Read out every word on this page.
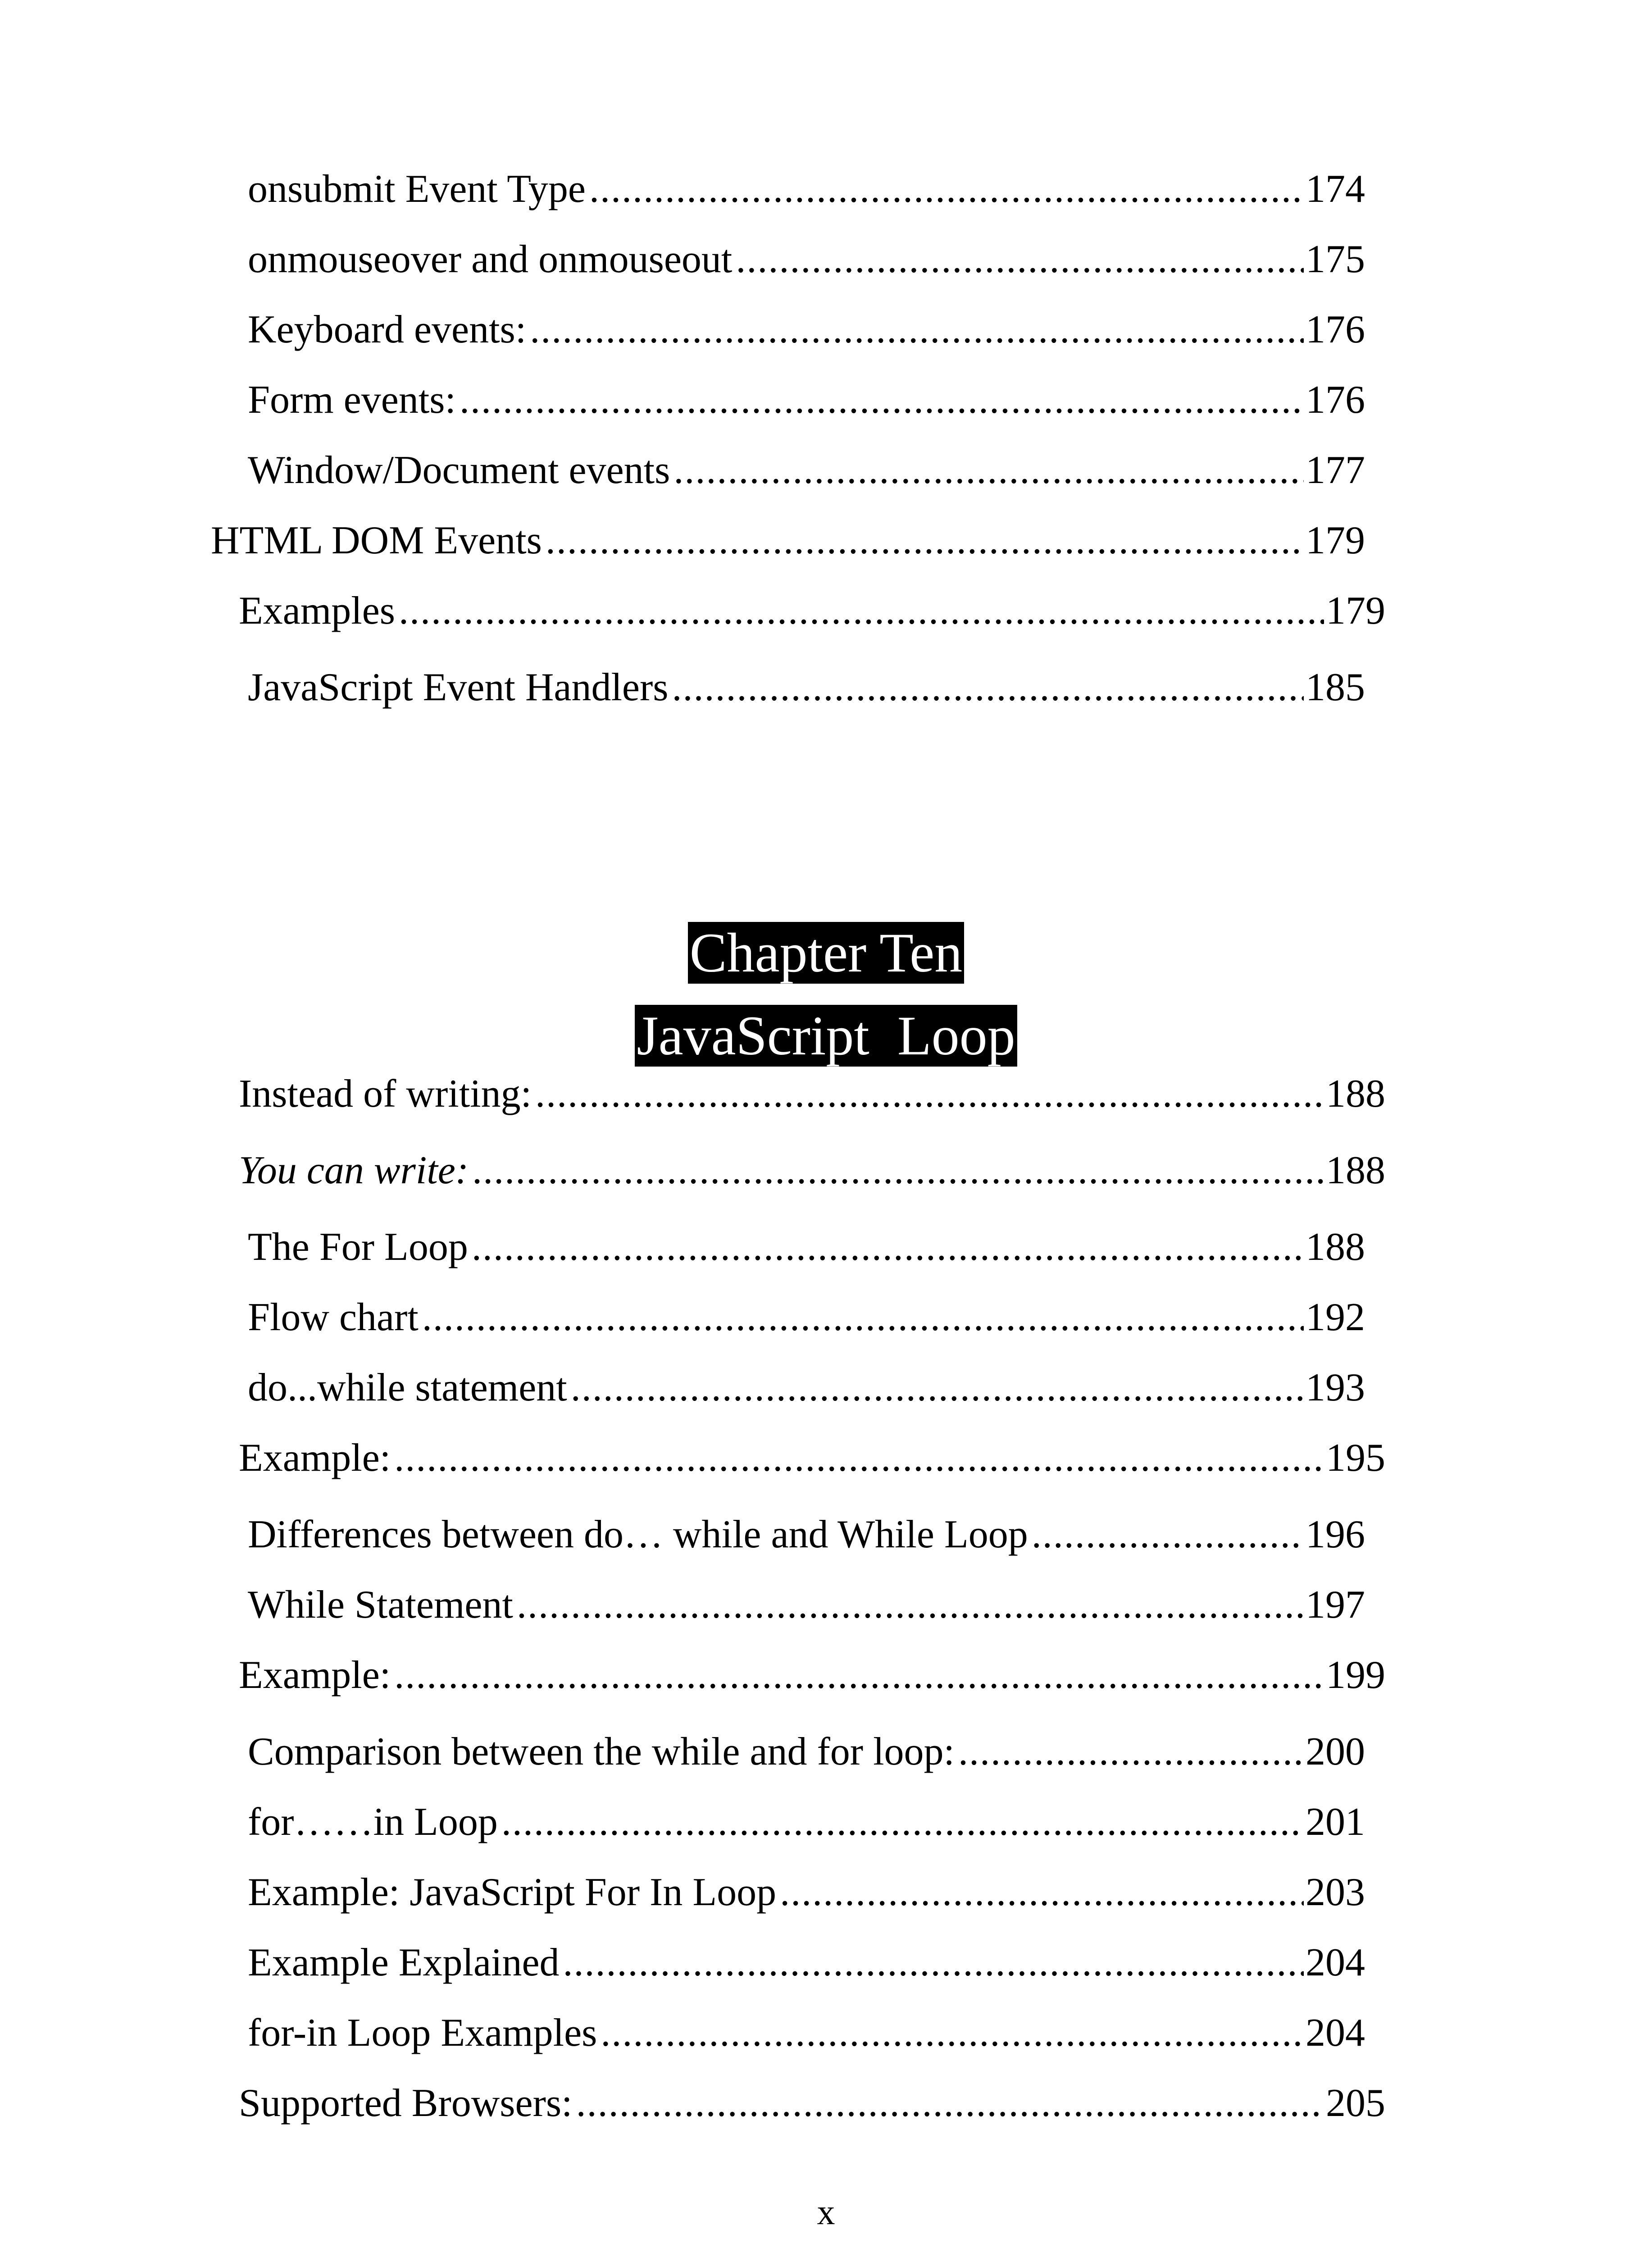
onsubmit Event Type .....	174
onmouseover and onmouseout .....	175
Keyboard events: .....	176
Form events: .....	176
Window/Document events .....	177
HTML DOM Events .....	179
Examples .....	179
JavaScript Event Handlers .....	185
Chapter Ten
JavaScript  Loop
Instead of writing: .....	188
You can write: .....	188
The For Loop .....	188
Flow chart .....	192
do...while statement .....	193
Example: .....	195
Differences between do… while and While Loop .....	196
While Statement .....	197
Example: .....	199
Comparison between the while and for loop: .....	200
for……in Loop .....	201
Example: JavaScript For In Loop .....	203
Example Explained .....	204
for-in Loop Examples .....	204
Supported Browsers: .....	205
x
